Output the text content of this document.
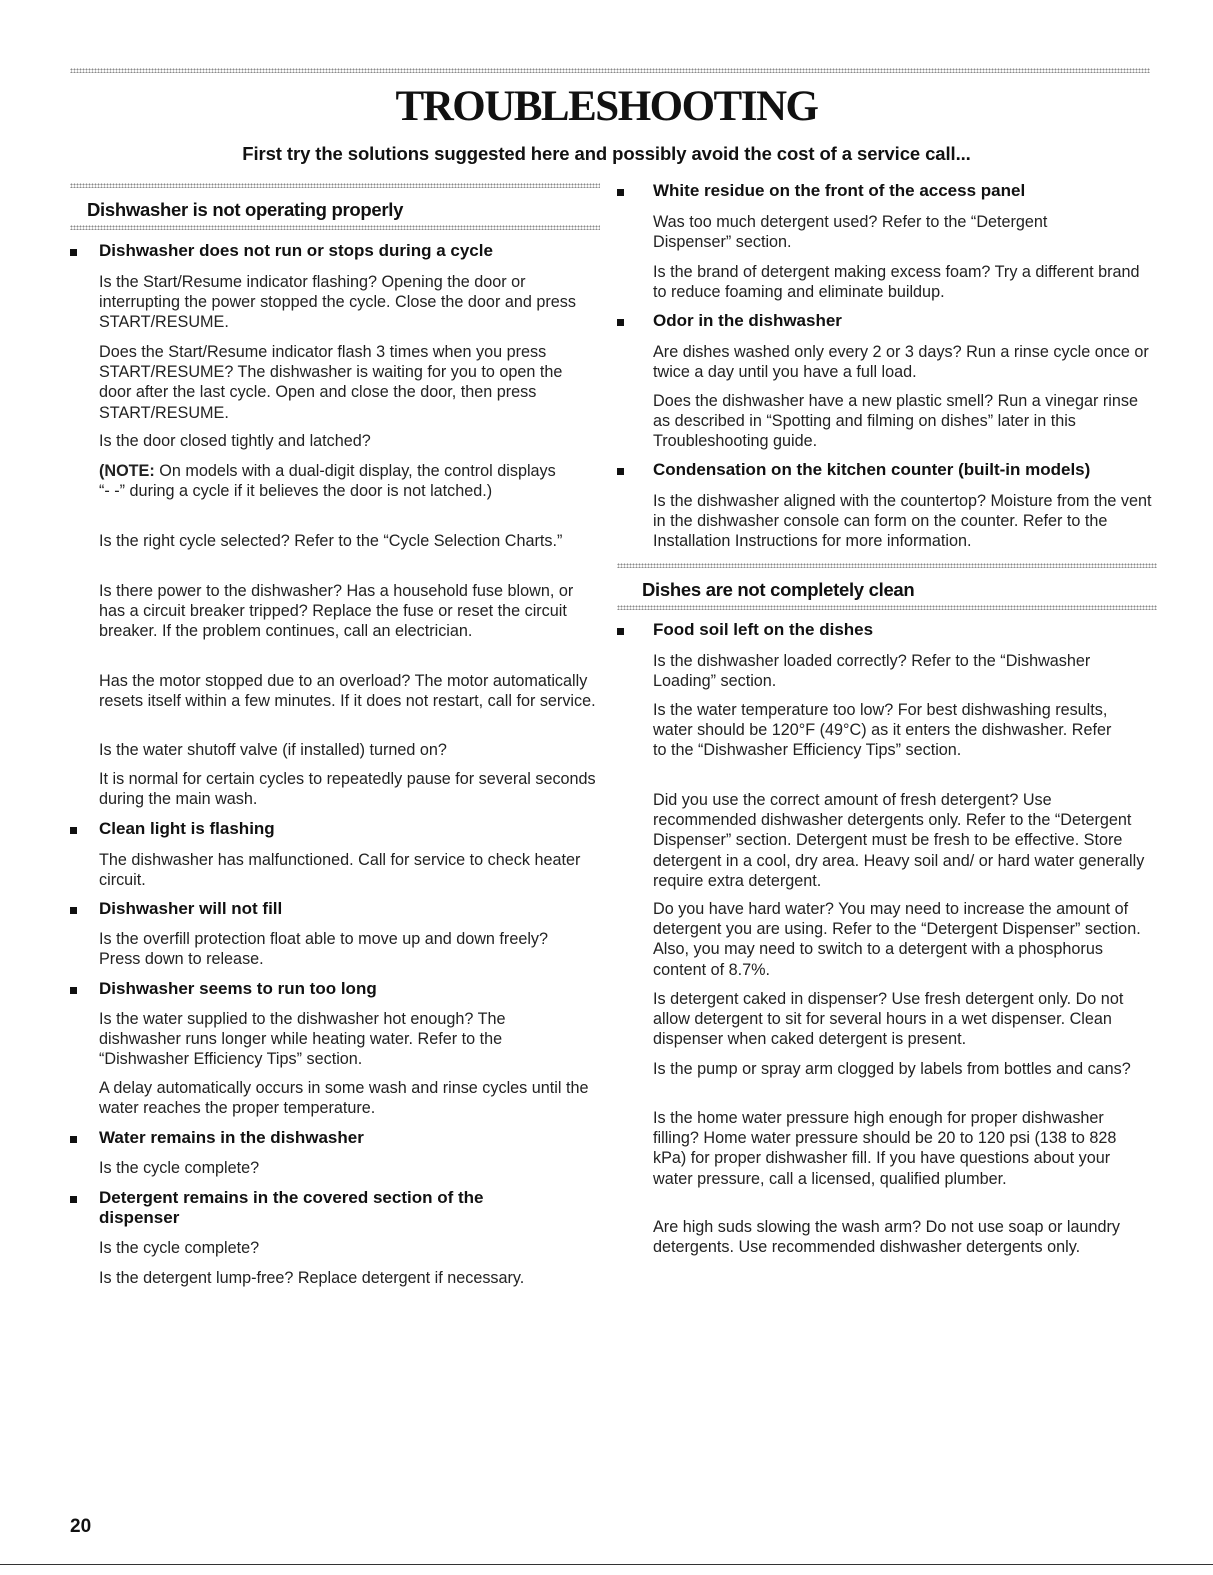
TROUBLESHOOTING

First try the solutions suggested here and possibly avoid the cost of a service call...

Dishwasher is not operating properly
Dishwasher does not run or stops during a cycle

Is the Start/Resume indicator flashing? Opening the door or interrupting the power stopped the cycle. Close the door and press START/RESUME.

Does the Start/Resume indicator flash 3 times when you press START/RESUME? The dishwasher is waiting for you to open the door after the last cycle. Open and close the door, then press START/RESUME.

Is the door closed tightly and latched?

(NOTE: On models with a dual-digit display, the control displays “- -” during a cycle if it believes the door is not latched.)

Is the right cycle selected? Refer to the “Cycle Selection Charts.”

Is there power to the dishwasher? Has a household fuse blown, or has a circuit breaker tripped? Replace the fuse or reset the circuit breaker. If the problem continues, call an electrician.

Has the motor stopped due to an overload? The motor automatically resets itself within a few minutes. If it does not restart, call for service.

Is the water shutoff valve (if installed) turned on?

It is normal for certain cycles to repeatedly pause for several seconds during the main wash.

Clean light is flashing

The dishwasher has malfunctioned. Call for service to check heater circuit.

Dishwasher will not fill

Is the overfill protection float able to move up and down freely? Press down to release.

Dishwasher seems to run too long

Is the water supplied to the dishwasher hot enough? The dishwasher runs longer while heating water. Refer to the “Dishwasher Efficiency Tips” section.

A delay automatically occurs in some wash and rinse cycles until the water reaches the proper temperature.

Water remains in the dishwasher

Is the cycle complete?

Detergent remains in the covered section of the dispenser

Is the cycle complete?

Is the detergent lump-free? Replace detergent if necessary.

White residue on the front of the access panel

Was too much detergent used? Refer to the “Detergent Dispenser” section.

Is the brand of detergent making excess foam? Try a different brand to reduce foaming and eliminate buildup.

Odor in the dishwasher

Are dishes washed only every 2 or 3 days? Run a rinse cycle once or twice a day until you have a full load.

Does the dishwasher have a new plastic smell? Run a vinegar rinse as described in “Spotting and filming on dishes” later in this Troubleshooting guide.

Condensation on the kitchen counter (built-in models)

Is the dishwasher aligned with the countertop? Moisture from the vent in the dishwasher console can form on the counter. Refer to the Installation Instructions for more information.

Dishes are not completely clean
Food soil left on the dishes

Is the dishwasher loaded correctly? Refer to the “Dishwasher Loading” section.

Is the water temperature too low? For best dishwashing results, water should be 120°F (49°C) as it enters the dishwasher. Refer to the “Dishwasher Efficiency Tips” section.

Did you use the correct amount of fresh detergent? Use recommended dishwasher detergents only. Refer to the “Detergent Dispenser” section. Detergent must be fresh to be effective. Store detergent in a cool, dry area. Heavy soil and/ or hard water generally require extra detergent.

Do you have hard water? You may need to increase the amount of detergent you are using. Refer to the “Detergent Dispenser” section. Also, you may need to switch to a detergent with a phosphorus content of 8.7%.

Is detergent caked in dispenser? Use fresh detergent only. Do not allow detergent to sit for several hours in a wet dispenser. Clean dispenser when caked detergent is present.

Is the pump or spray arm clogged by labels from bottles and cans?

Is the home water pressure high enough for proper dishwasher filling? Home water pressure should be 20 to 120 psi (138 to 828 kPa) for proper dishwasher fill. If you have questions about your water pressure, call a licensed, qualified plumber.

Are high suds slowing the wash arm? Do not use soap or laundry detergents. Use recommended dishwasher detergents only.

20
